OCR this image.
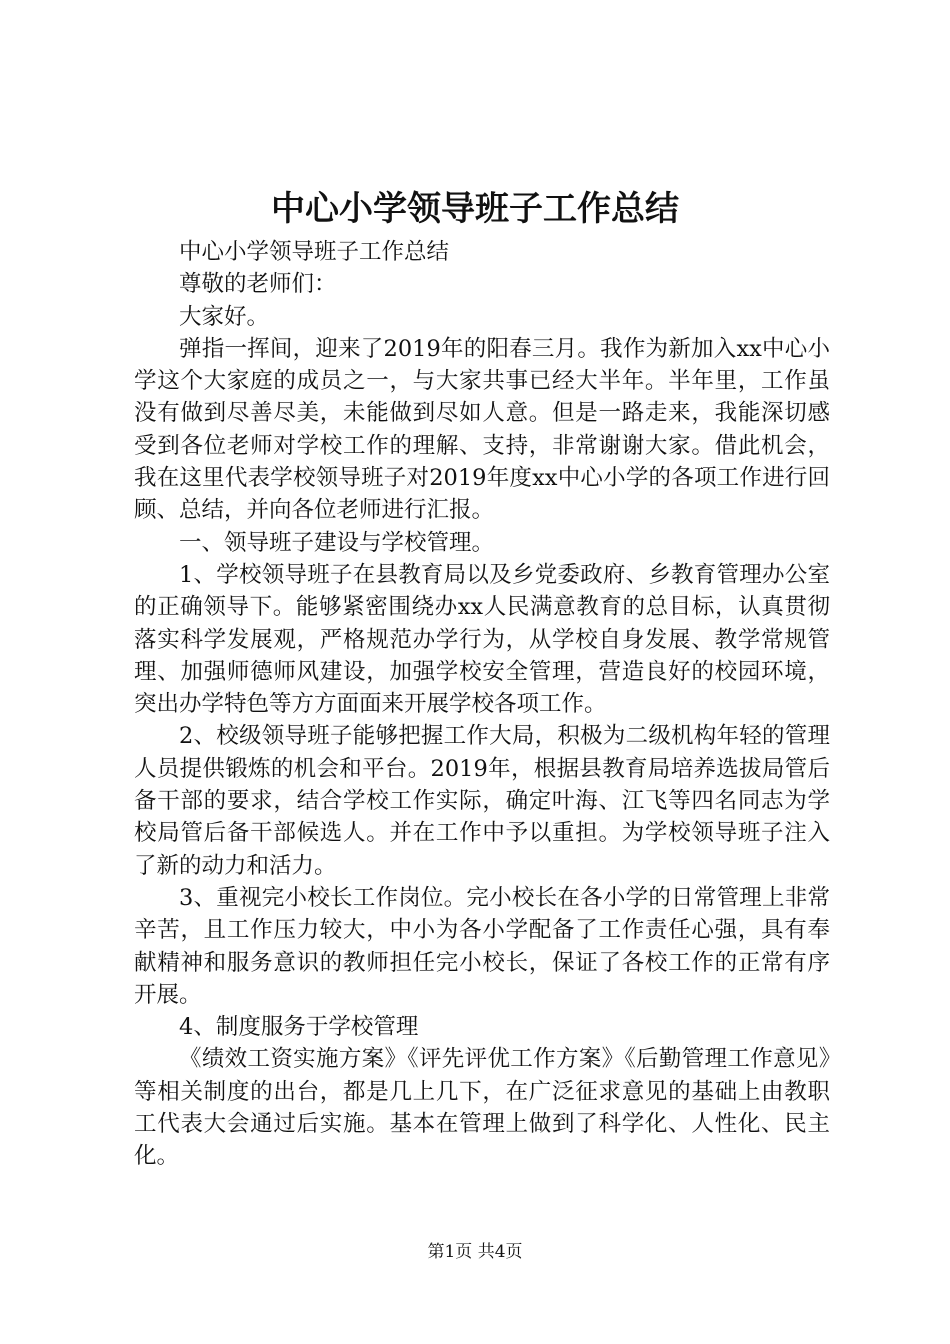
中心小学领导班子工作总结

中心小学领导班子工作总结

尊敬的老师们：

大家好。

弹指一挥间，迎来了2019年的阳春三月。我作为新加入xx中心小学这个大家庭的成员之一，与大家共事已经大半年。半年里，工作虽没有做到尽善尽美，未能做到尽如人意。但是一路走来，我能深切感受到各位老师对学校工作的理解、支持，非常谢谢大家。借此机会，我在这里代表学校领导班子对2019年度xx中心小学的各项工作进行回顾、总结，并向各位老师进行汇报。

一、领导班子建设与学校管理。

1、学校领导班子在县教育局以及乡党委政府、乡教育管理办公室的正确领导下。能够紧密围绕办xx人民满意教育的总目标，认真贯彻落实科学发展观，严格规范办学行为，从学校自身发展、教学常规管理、加强师德师风建设，加强学校安全管理，营造良好的校园环境，突出办学特色等方方面面来开展学校各项工作。

2、校级领导班子能够把握工作大局，积极为二级机构年轻的管理人员提供锻炼的机会和平台。2019年，根据县教育局培养选拔局管后备干部的要求，结合学校工作实际，确定叶海、江飞等四名同志为学校局管后备干部候选人。并在工作中予以重担。为学校领导班子注入了新的动力和活力。

3、重视完小校长工作岗位。完小校长在各小学的日常管理上非常辛苦，且工作压力较大，中小为各小学配备了工作责任心强，具有奉献精神和服务意识的教师担任完小校长，保证了各校工作的正常有序开展。

4、制度服务于学校管理

《绩效工资实施方案》《评先评优工作方案》《后勤管理工作意见》等相关制度的出台，都是几上几下，在广泛征求意见的基础上由教职工代表大会通过后实施。基本在管理上做到了科学化、人性化、民主化。

第1页 共4页
